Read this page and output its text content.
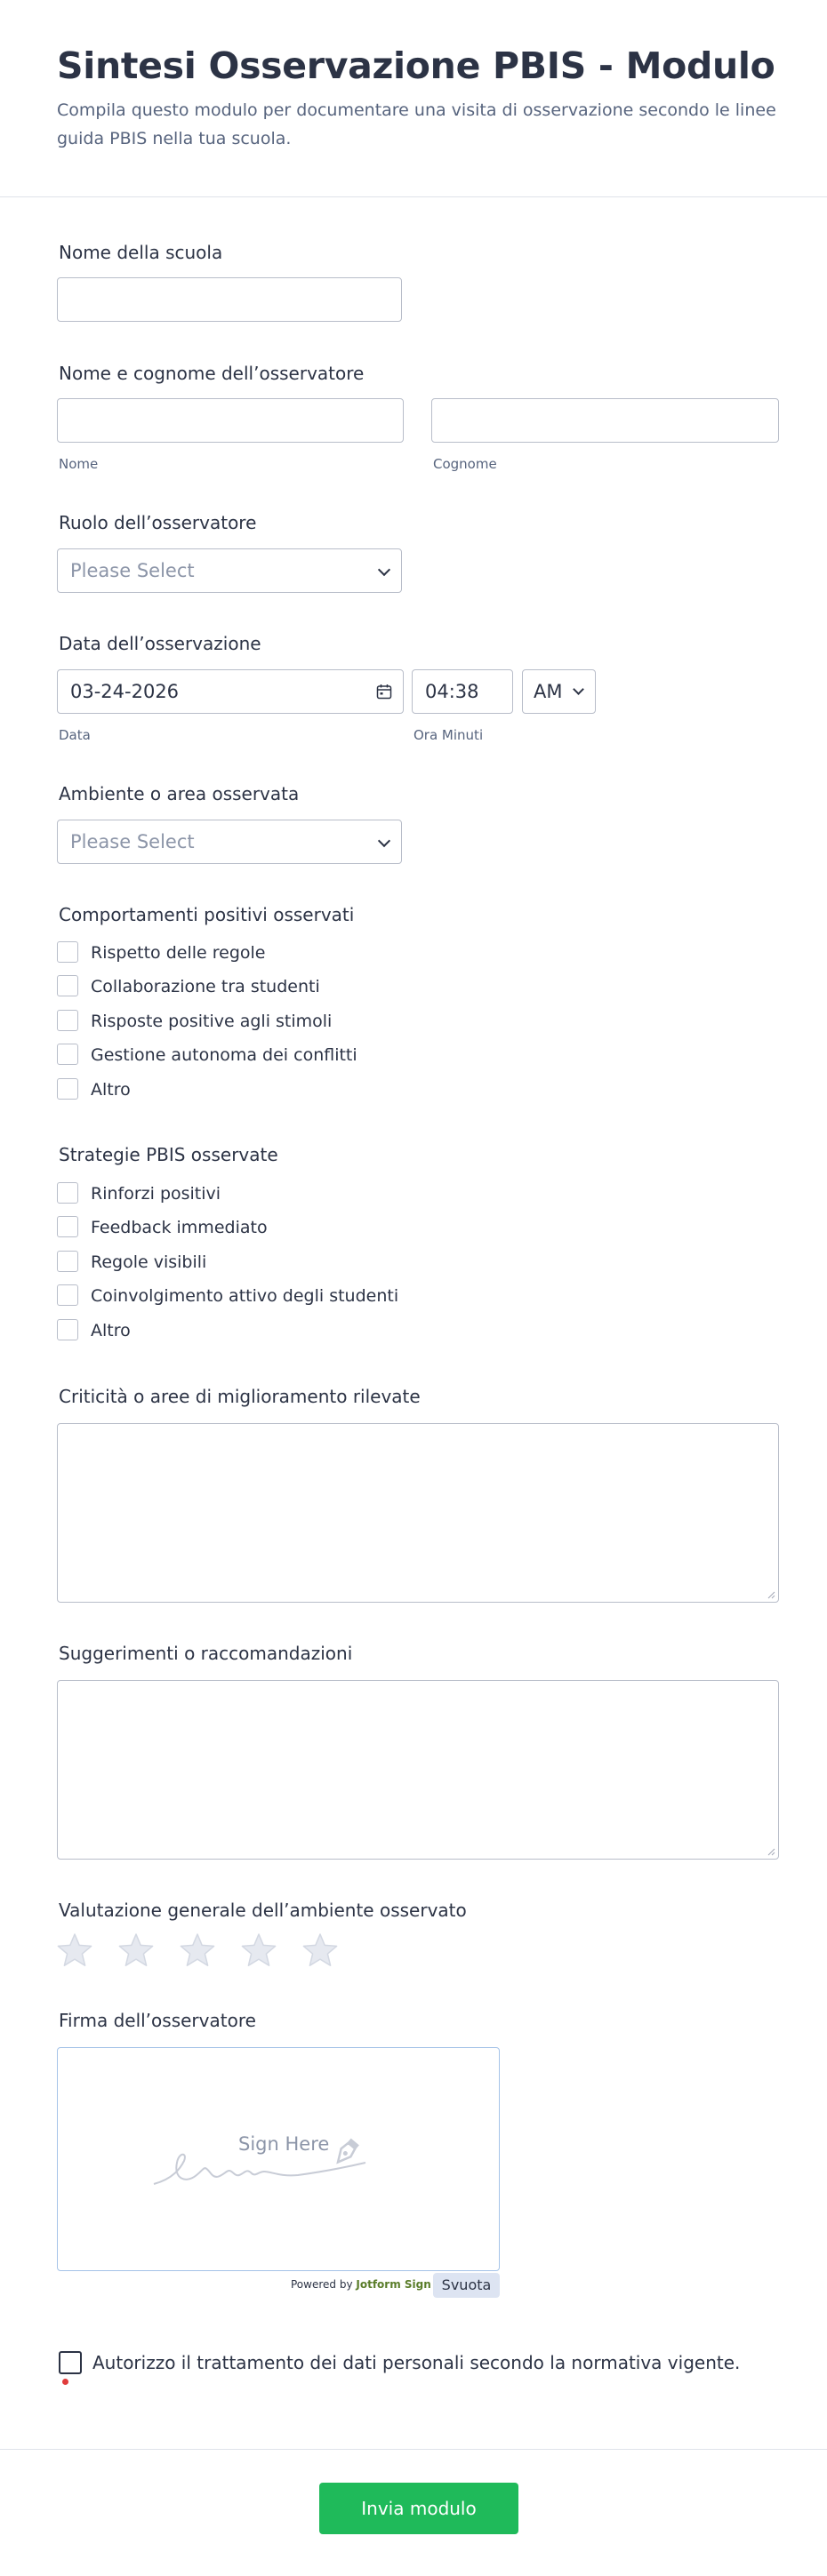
Sintesi Osservazione PBIS - Modulo
Compila questo modulo per documentare una visita di osservazione secondo le linee guida PBIS nella tua scuola.
Nome della scuola
Nome e cognome dell’osservatore
Nome	Cognome
Ruolo dell’osservatore
Please Select
Data dell’osservazione
03-24-2026	04:38	AM
Data	Ora Minuti
Ambiente o area osservata
Please Select
Comportamenti positivi osservati
Rispetto delle regole
Collaborazione tra studenti
Risposte positive agli stimoli
Gestione autonoma dei conflitti
Altro
Strategie PBIS osservate
Rinforzi positivi
Feedback immediato
Regole visibili
Coinvolgimento attivo degli studenti
Altro
Criticità o aree di miglioramento rilevate
Suggerimenti o raccomandazioni
Valutazione generale dell’ambiente osservato
Firma dell’osservatore
Sign Here
Powered by Jotform Sign Svuota
Autorizzo il trattamento dei dati personali secondo la normativa vigente.
Invia modulo
